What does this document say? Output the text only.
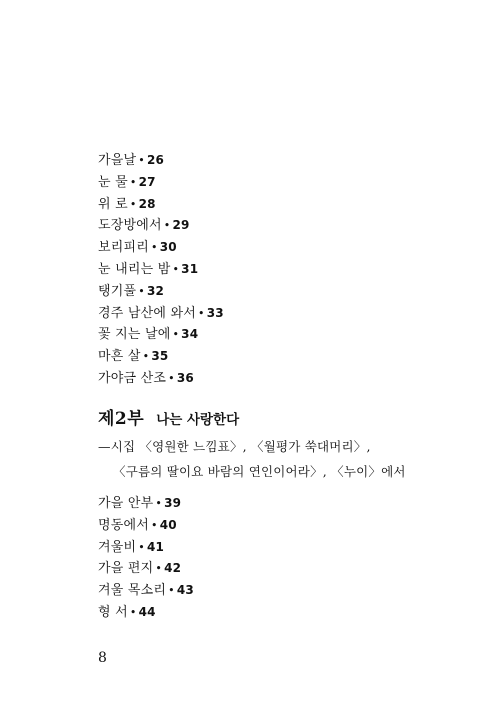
가을날 • 26
눈 물 • 27
위 로 • 28
도장방에서 • 29
보리피리 • 30
눈 내리는 밤 • 31
탱기풀 • 32
경주 남산에 와서 • 33
꽃 지는 날에 • 34
마흔 살 • 35
가야금 산조 • 36
제2부 나는 사랑한다
—시집 〈영원한 느낌표〉, 〈월평가 쑥대머리〉,
〈구름의 딸이요 바람의 연인이어라〉, 〈누이〉에서
가을 안부 • 39
명동에서 • 40
겨울비 • 41
가을 편지 • 42
겨울 목소리 • 43
형 서 • 44
8
